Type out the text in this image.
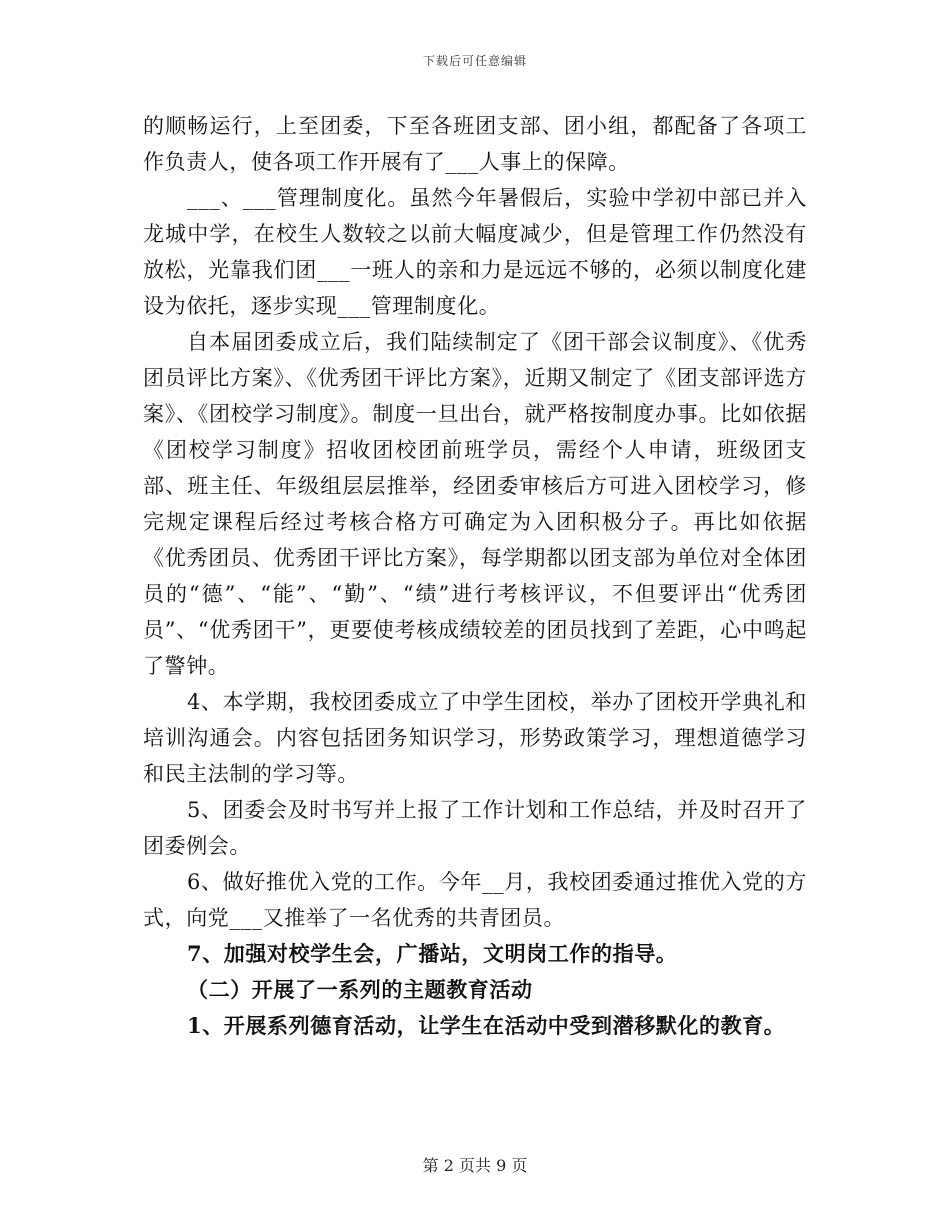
下载后可任意编辑

的顺畅运行，上至团委，下至各班团支部、团小组，都配备了各项工作负责人，使各项工作开展有了___人事上的保障。

___、___管理制度化。虽然今年暑假后，实验中学初中部已并入龙城中学，在校生人数较之以前大幅度减少，但是管理工作仍然没有放松，光靠我们团___一班人的亲和力是远远不够的，必须以制度化建设为依托，逐步实现___管理制度化。

自本届团委成立后，我们陆续制定了《团干部会议制度》、《优秀团员评比方案》、《优秀团干评比方案》，近期又制定了《团支部评选方案》、《团校学习制度》。制度一旦出台，就严格按制度办事。比如依据《团校学习制度》招收团校团前班学员，需经个人申请，班级团支部、班主任、年级组层层推举，经团委审核后方可进入团校学习，修完规定课程后经过考核合格方可确定为入团积极分子。再比如依据《优秀团员、优秀团干评比方案》，每学期都以团支部为单位对全体团员的“德”、“能”、“勤”、“绩”进行考核评议，不但要评出“优秀团员”、“优秀团干”，更要使考核成绩较差的团员找到了差距，心中鸣起了警钟。

4、本学期，我校团委成立了中学生团校，举办了团校开学典礼和培训沟通会。内容包括团务知识学习，形势政策学习，理想道德学习和民主法制的学习等。

5、团委会及时书写并上报了工作计划和工作总结，并及时召开了团委例会。

6、做好推优入党的工作。今年__月，我校团委通过推优入党的方式，向党___又推举了一名优秀的共青团员。

7、加强对校学生会，广播站，文明岗工作的指导。

（二）开展了一系列的主题教育活动

1、开展系列德育活动，让学生在活动中受到潜移默化的教育。

第 2 页共 9 页
